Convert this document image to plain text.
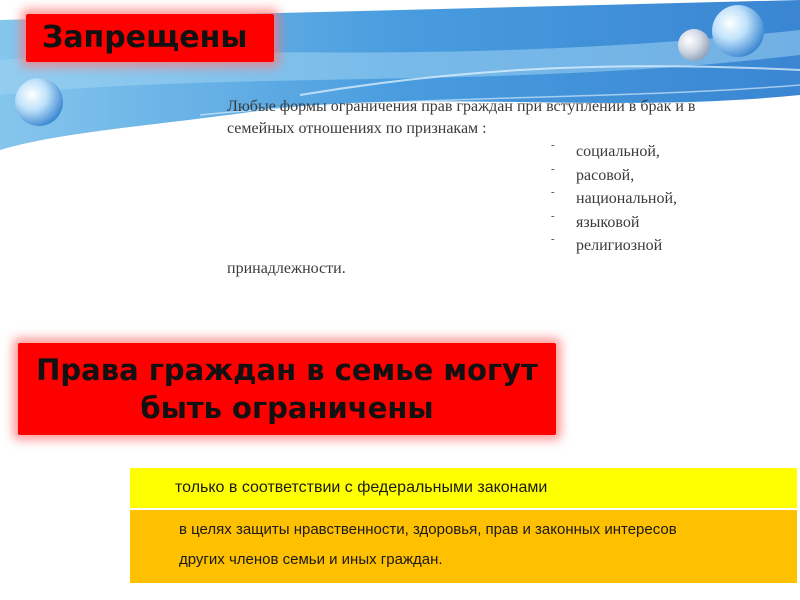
Запрещены

Любые формы ограничения прав граждан при вступлении в брак и в семейных отношениях по признакам :

- социальной,
- расовой,
- национальной,
- языковой
- религиозной

принадлежности.

Права граждан в семье могут
быть ограничены
только в соответствии с федеральными законами
в целях защиты нравственности, здоровья, прав и законных интересов
других членов семьи и иных граждан.
